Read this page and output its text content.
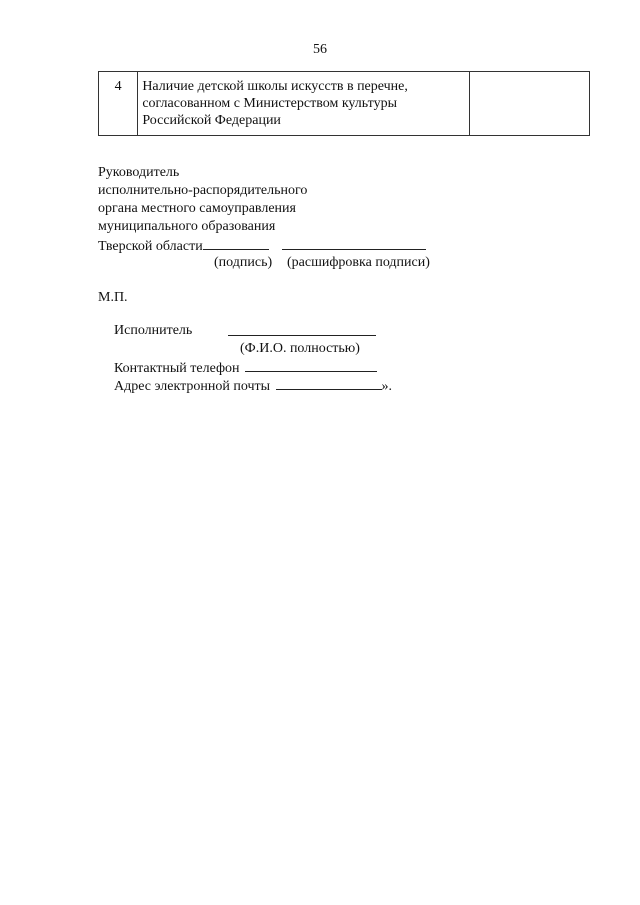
56
4	Наличие детской школы искусств в перечне,
согласованном с Министерством культуры
Российской Федерации

Руководитель
исполнительно-распорядительного
органа местного самоуправления
муниципального образования
Тверской области
(подпись) (расшифровка подписи)
М.П.
Исполнитель
(Ф.И.О. полностью)
Контактный телефон
Адрес электронной почты	».
